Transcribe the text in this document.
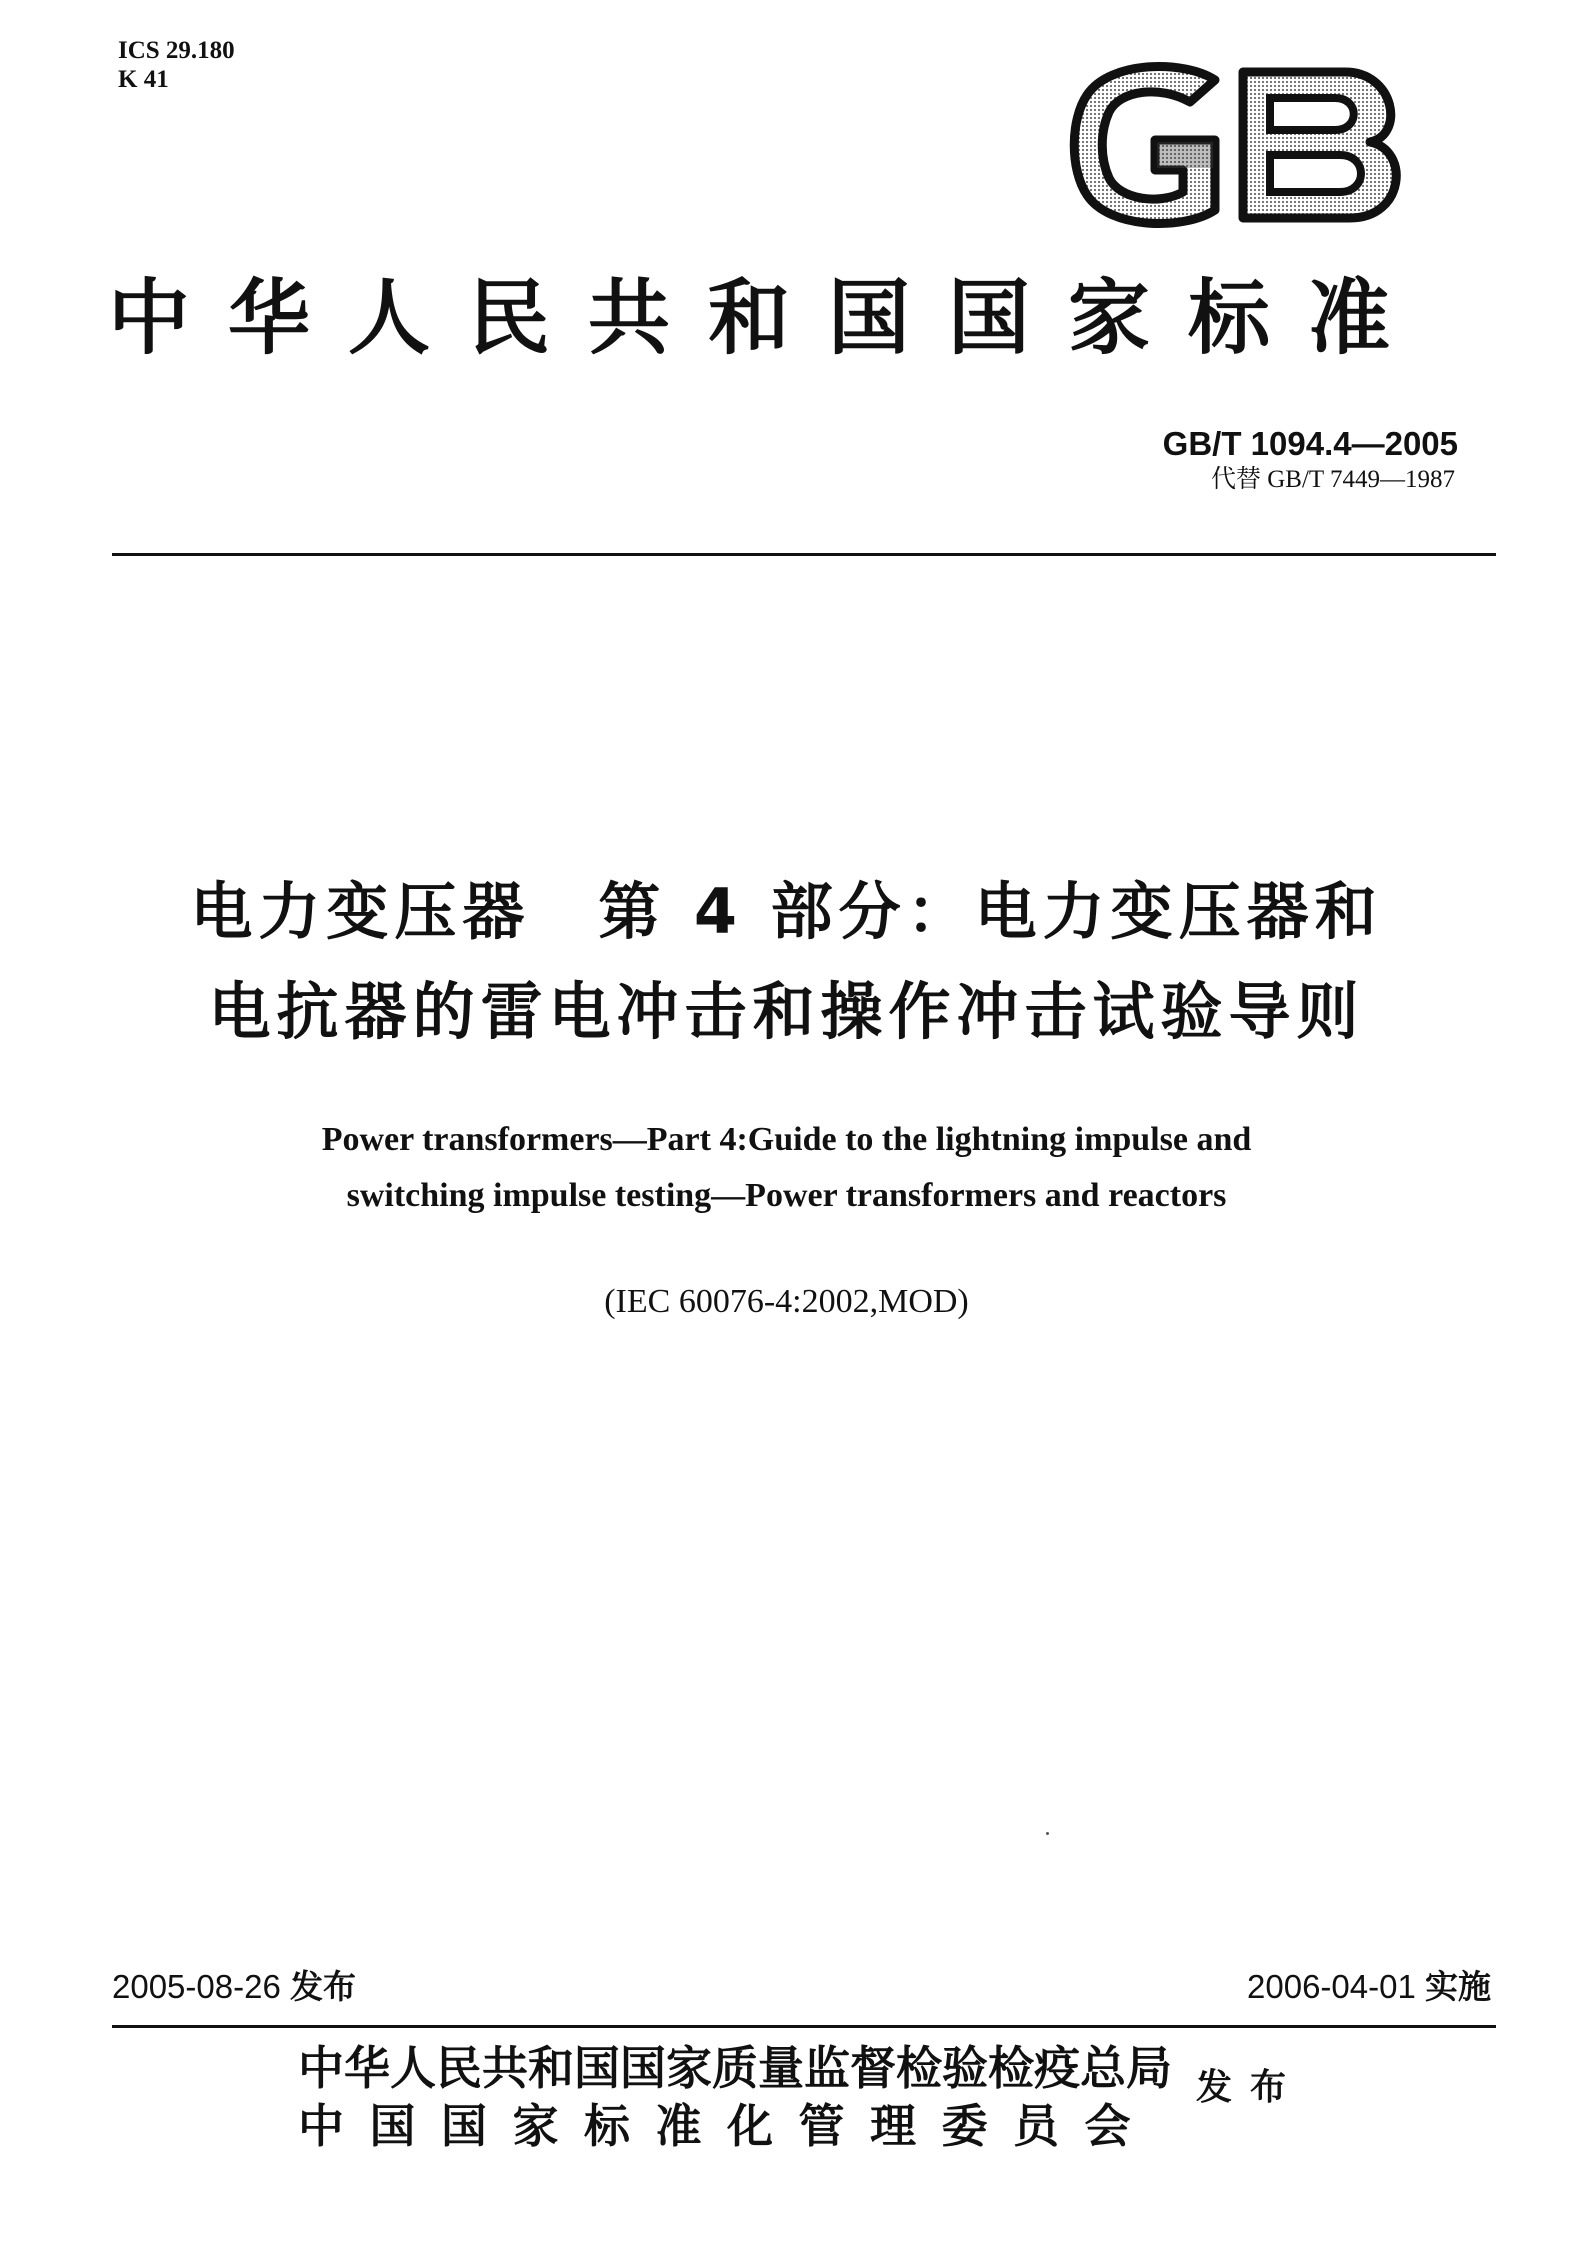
ICS 29.180
K 41
GB
中华人民共和国国家标准
GB/T 1094.4—2005
代替 GB/T 7449—1987
电力变压器　第 4 部分：电力变压器和
电抗器的雷电冲击和操作冲击试验导则
Power transformers—Part 4:Guide to the lightning impulse and
switching impulse testing—Power transformers and reactors
(IEC 60076-4:2002,MOD)
2005-08-26 发布	2006-04-01 实施
中华人民共和国国家质量监督检验检疫总局
中国国家标准化管理委员会
发布
